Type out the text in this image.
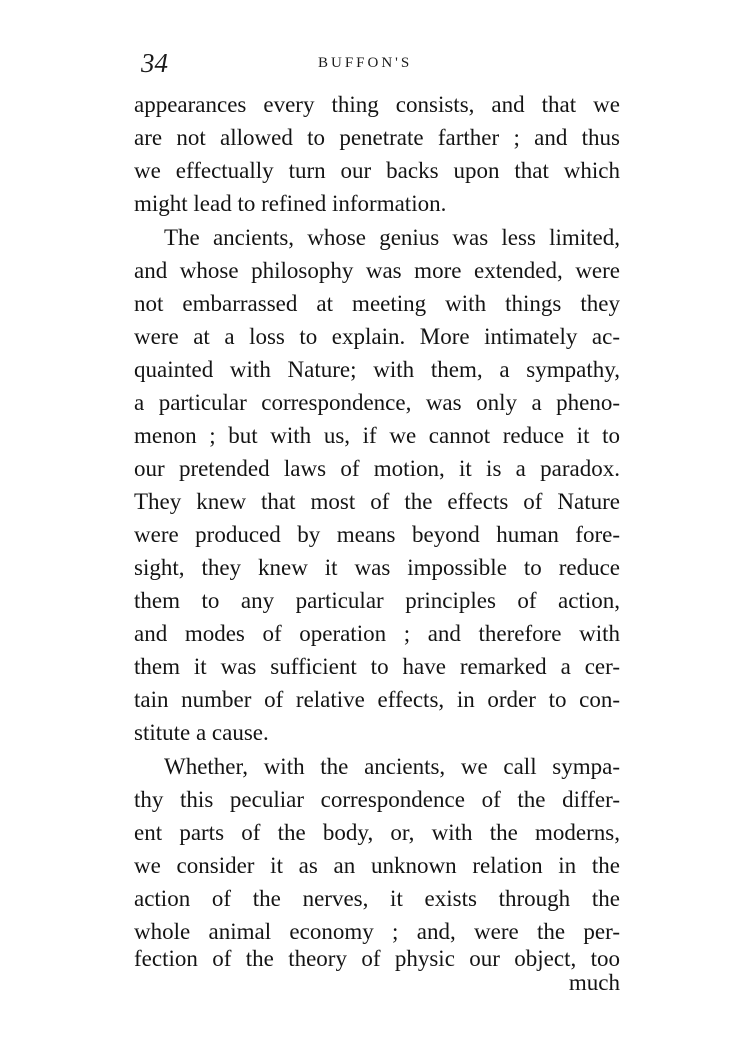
34	BUFFON'S
appearances every thing consists, and that we
are not allowed to penetrate farther ; and thus
we effectually turn our backs upon that which
might lead to refined information.
The ancients, whose genius was less limited,
and whose philosophy was more extended, were
not embarrassed at meeting with things they
were at a loss to explain. More intimately ac-
quainted with Nature; with them, a sympathy,
a particular correspondence, was only a pheno-
menon ; but with us, if we cannot reduce it to
our pretended laws of motion, it is a paradox.
They knew that most of the effects of Nature
were produced by means beyond human fore-
sight, they knew it was impossible to reduce
them to any particular principles of action,
and modes of operation ; and therefore with
them it was sufficient to have remarked a cer-
tain number of relative effects, in order to con-
stitute a cause.
Whether, with the ancients, we call sympa-
thy this peculiar correspondence of the differ-
ent parts of the body, or, with the moderns,
we consider it as an unknown relation in the
action of the nerves, it exists through the
whole animal economy ; and, were the per-
fection of the theory of physic our object, too
much
